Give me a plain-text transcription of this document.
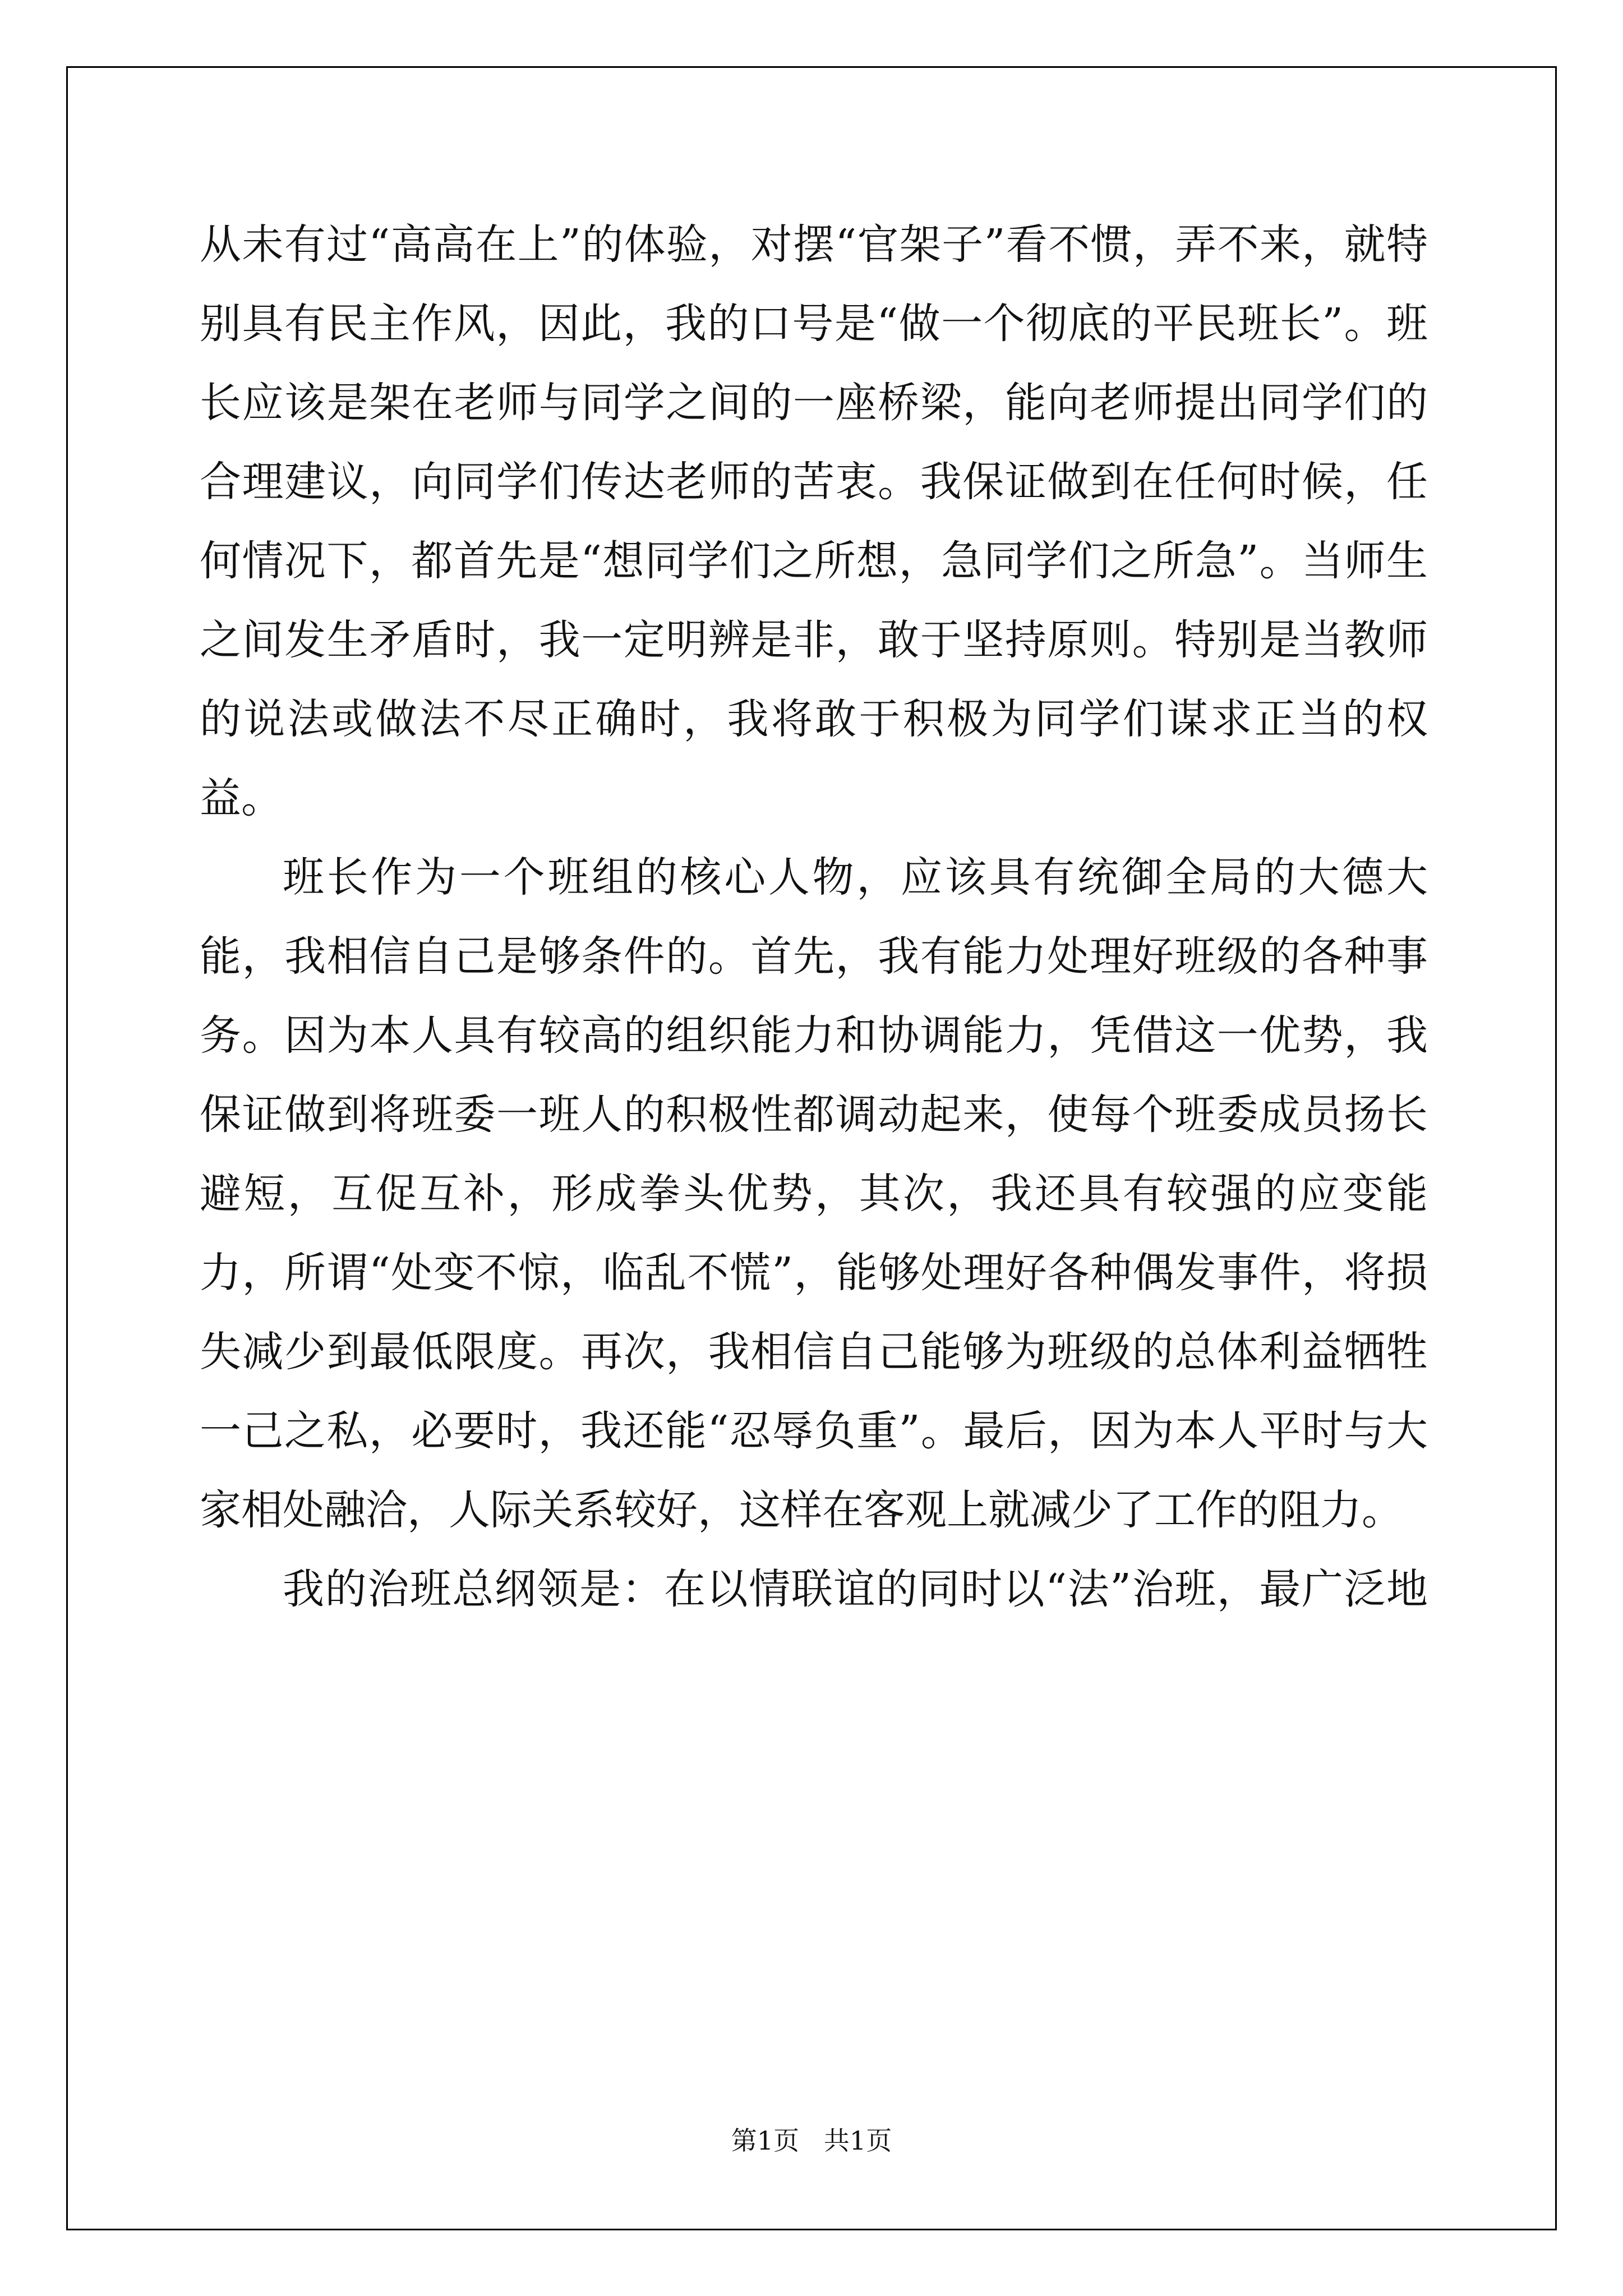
从未有过“高高在上”的体验，对摆“官架子”看不惯，弄不来，就特别具有民主作风，因此，我的口号是“做一个彻底的平民班长”。班长应该是架在老师与同学之间的一座桥梁，能向老师提出同学们的合理建议，向同学们传达老师的苦衷。我保证做到在任何时候，任何情况下，都首先是“想同学们之所想，急同学们之所急”。当师生之间发生矛盾时，我一定明辨是非，敢于坚持原则。特别是当教师的说法或做法不尽正确时，我将敢于积极为同学们谋求正当的权益。

班长作为一个班组的核心人物，应该具有统御全局的大德大能，我相信自己是够条件的。首先，我有能力处理好班级的各种事务。因为本人具有较高的组织能力和协调能力，凭借这一优势，我保证做到将班委一班人的积极性都调动起来，使每个班委成员扬长避短，互促互补，形成拳头优势，其次，我还具有较强的应变能力，所谓“处变不惊，临乱不慌”，能够处理好各种偶发事件，将损失减少到最低限度。再次，我相信自己能够为班级的总体利益牺牲一己之私，必要时，我还能“忍辱负重”。最后，因为本人平时与大家相处融洽，人际关系较好，这样在客观上就减少了工作的阻力。

我的治班总纲领是：在以情联谊的同时以“法”治班，最广泛地

第1页   共1页
